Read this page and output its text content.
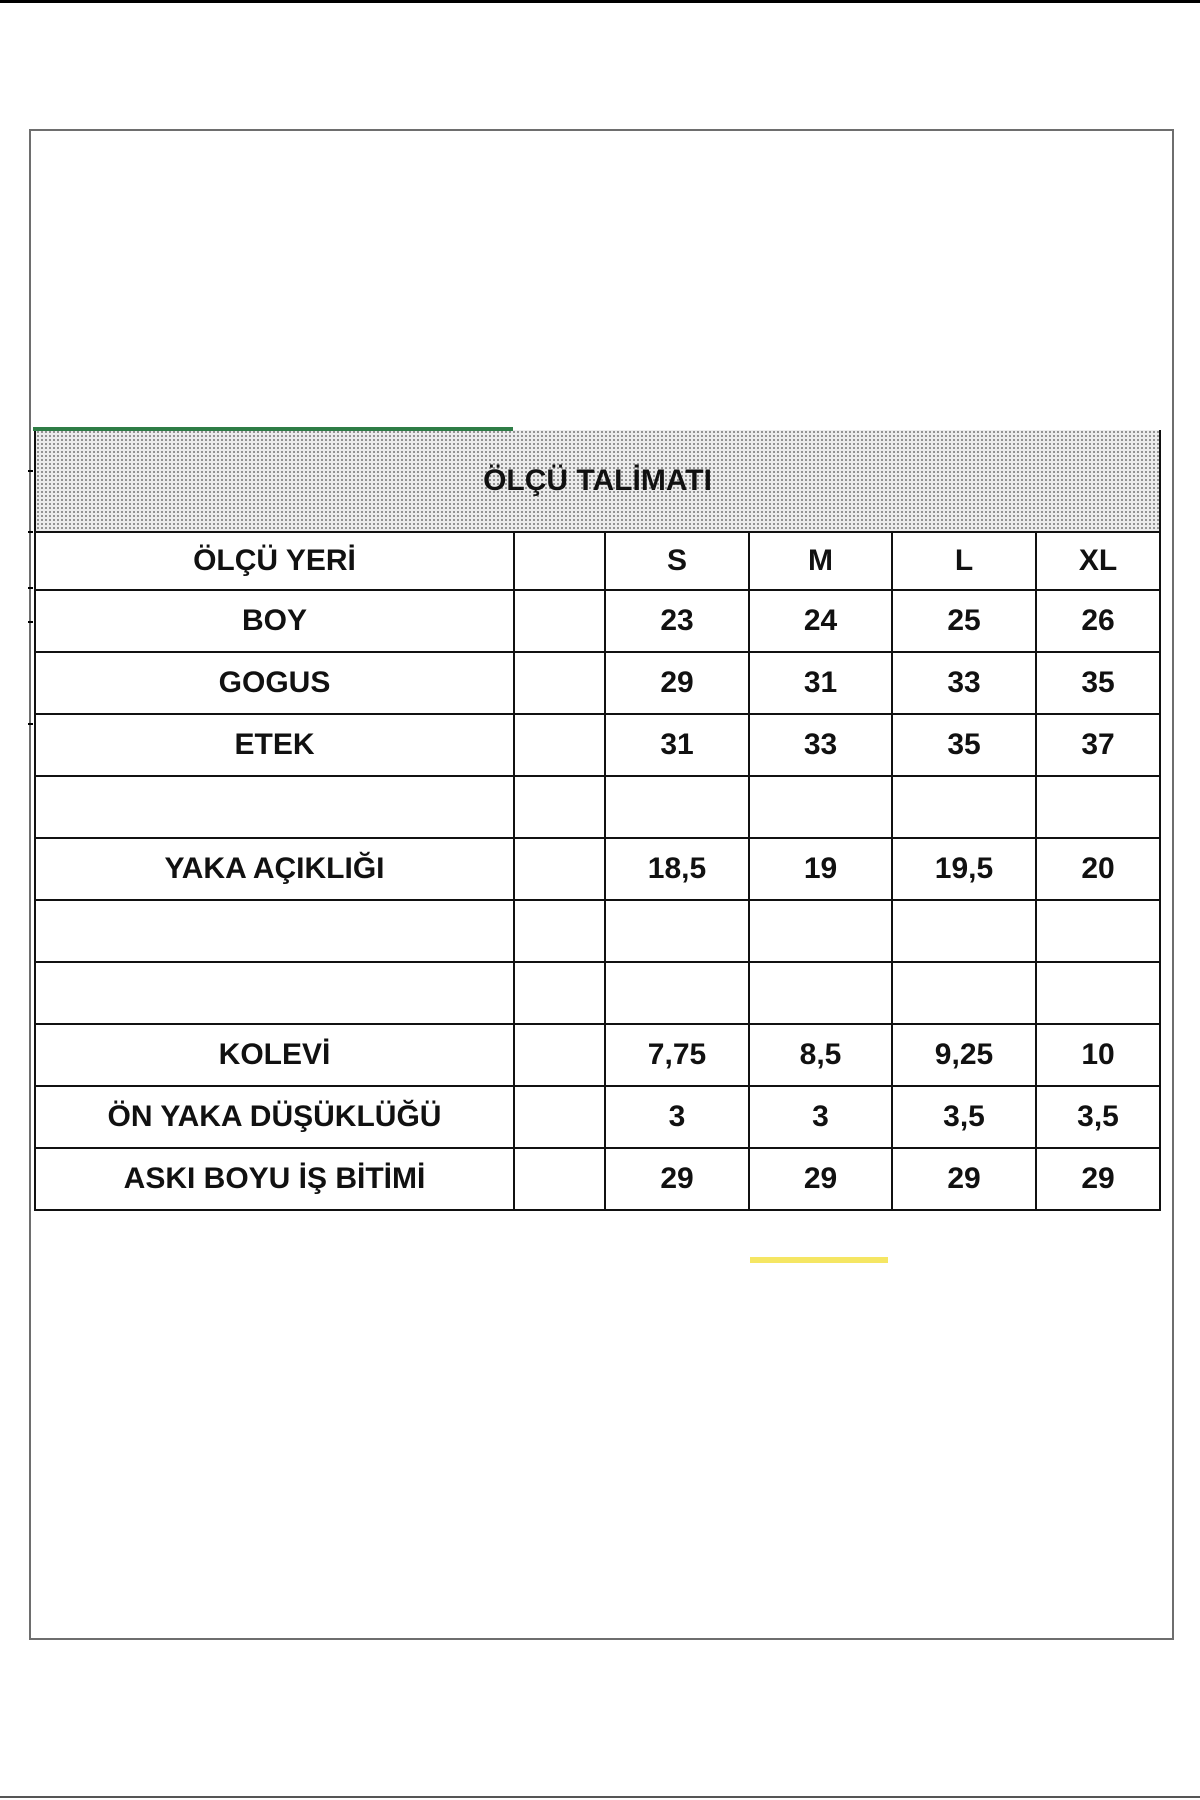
ÖLÇÜ TALİMATI					
ÖLÇÜ YERİ		S	M	L	XL
BOY		23	24	25	26
GOGUS		29	31	33	35
ETEK		31	33	35	37

YAKA AÇIKLIĞI		18,5	19	19,5	20

KOLEVİ		7,75	8,5	9,25	10
ÖN YAKA DÜŞÜKLÜĞÜ		3	3	3,5	3,5
ASKI BOYU İŞ BİTİMİ		29	29	29	29
